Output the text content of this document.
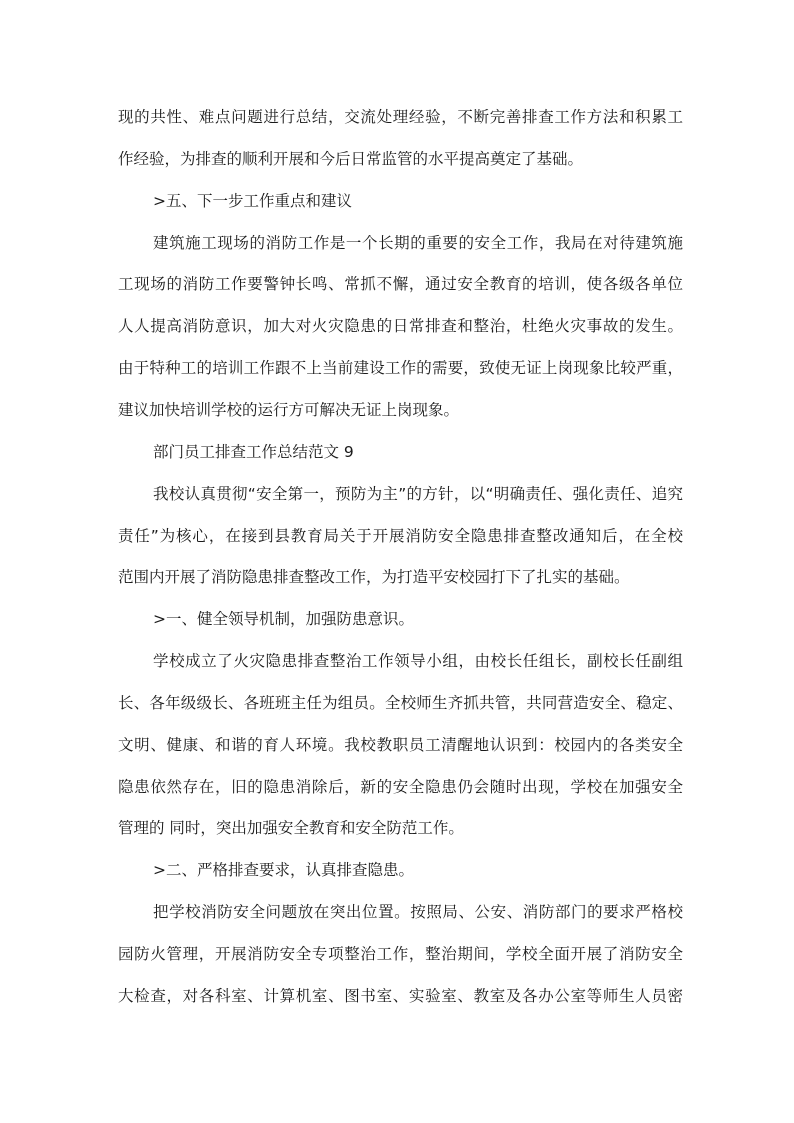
现的共性、难点问题进行总结，交流处理经验，不断完善排查工作方法和积累工
作经验，为排查的顺利开展和今后日常监管的水平提高奠定了基础。
>五、下一步工作重点和建议
建筑施工现场的消防工作是一个长期的重要的安全工作，我局在对待建筑施
工现场的消防工作要警钟长鸣、常抓不懈，通过安全教育的培训，使各级各单位
人人提高消防意识，加大对火灾隐患的日常排查和整治，杜绝火灾事故的发生。
由于特种工的培训工作跟不上当前建设工作的需要，致使无证上岗现象比较严重，
建议加快培训学校的运行方可解决无证上岗现象。
部门员工排查工作总结范文 9
我校认真贯彻“安全第一，预防为主”的方针，以“明确责任、强化责任、追究
责任”为核心，在接到县教育局关于开展消防安全隐患排查整改通知后，在全校
范围内开展了消防隐患排查整改工作，为打造平安校园打下了扎实的基础。
>一、健全领导机制，加强防患意识。
学校成立了火灾隐患排查整治工作领导小组，由校长任组长，副校长任副组
长、各年级级长、各班班主任为组员。全校师生齐抓共管，共同营造安全、稳定、
文明、健康、和谐的育人环境。我校教职员工清醒地认识到：校园内的各类安全
隐患依然存在，旧的隐患消除后，新的安全隐患仍会随时出现，学校在加强安全
管理的 同时，突出加强安全教育和安全防范工作。
>二、严格排查要求，认真排查隐患。
把学校消防安全问题放在突出位置。按照局、公安、消防部门的要求严格校
园防火管理，开展消防安全专项整治工作，整治期间，学校全面开展了消防安全
大检查，对各科室、计算机室、图书室、实验室、教室及各办公室等师生人员密
